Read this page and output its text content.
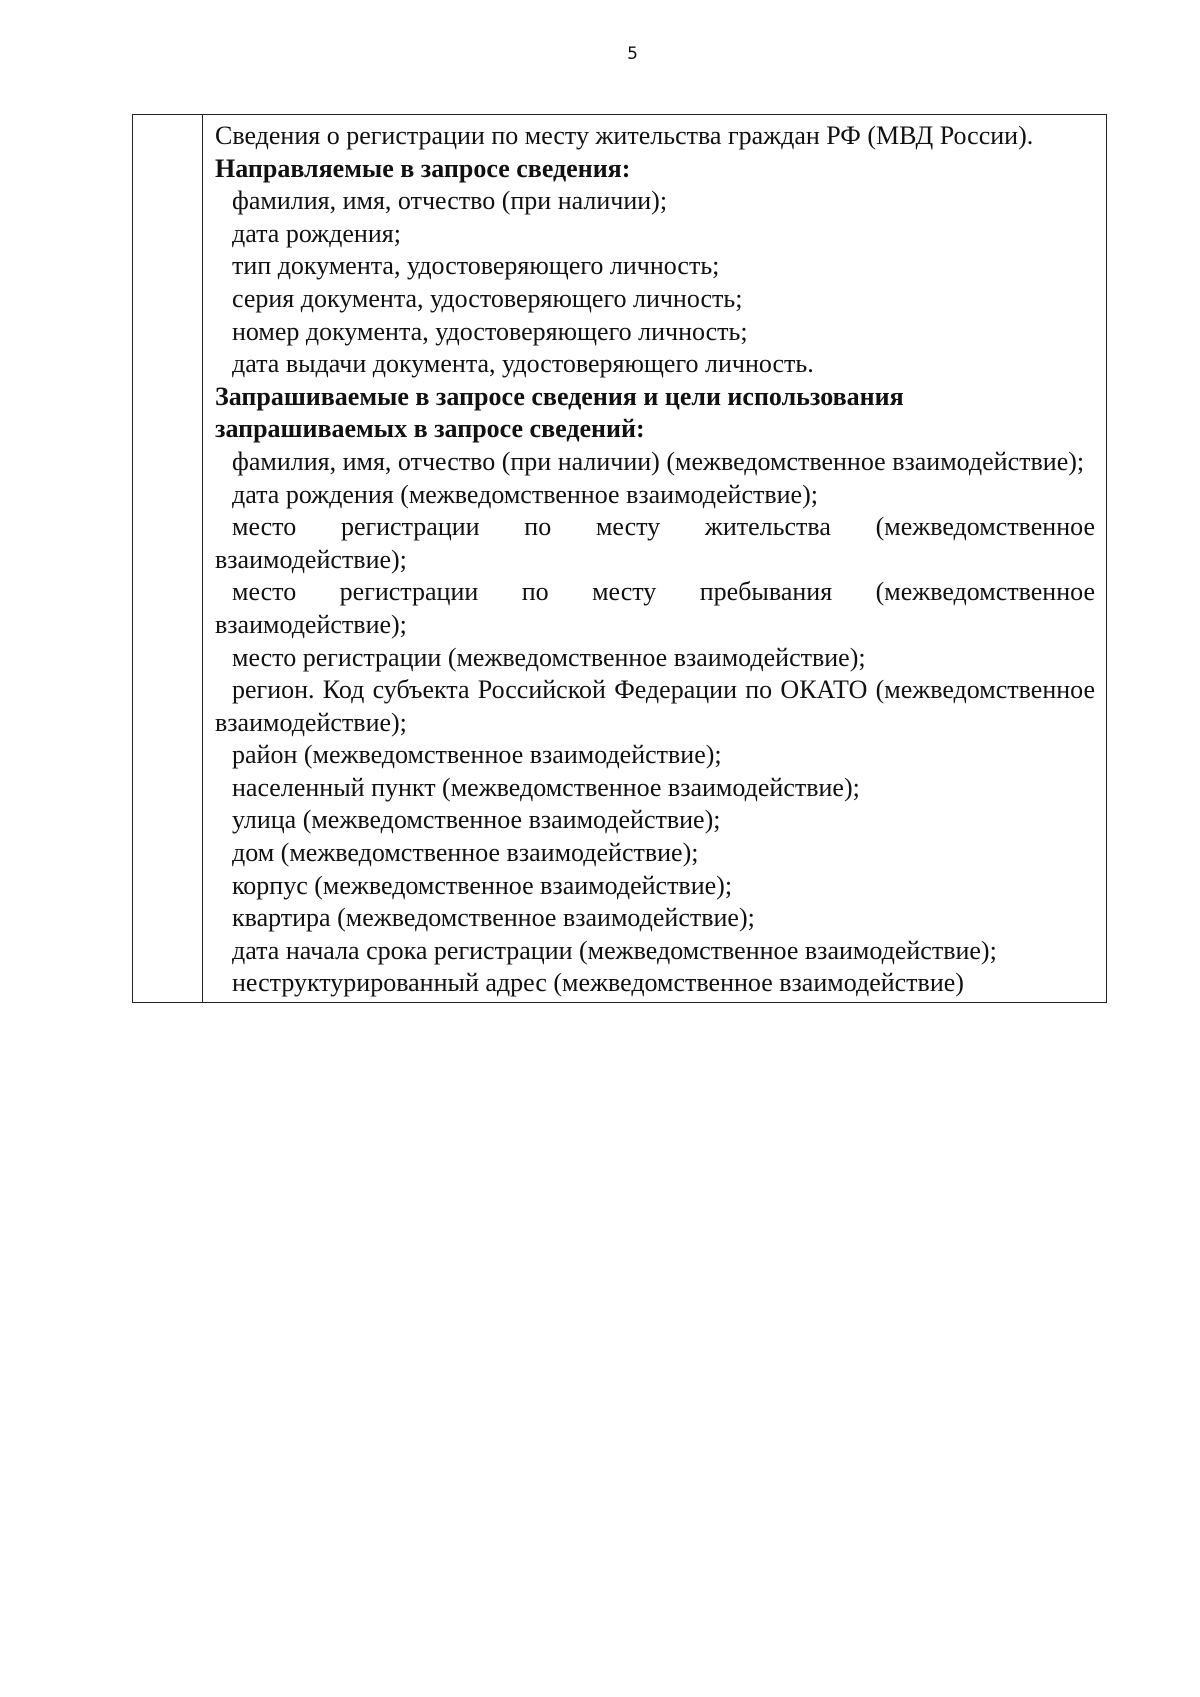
5

Сведения о регистрации по месту жительства граждан РФ (МВД России).

Направляемые в запросе сведения:

фамилия, имя, отчество (при наличии);

дата рождения;

тип документа, удостоверяющего личность;

серия документа, удостоверяющего личность;

номер документа, удостоверяющего личность;

дата выдачи документа, удостоверяющего личность.

Запрашиваемые в запросе сведения и цели использования запрашиваемых в запросе сведений:

фамилия, имя, отчество (при наличии) (межведомственное взаимодействие);

дата рождения (межведомственное взаимодействие);

место регистрации по месту жительства (межведомственное взаимодействие);

место регистрации по месту пребывания (межведомственное взаимодействие);

место регистрации (межведомственное взаимодействие);

регион. Код субъекта Российской Федерации по ОКАТО (межведомственное взаимодействие);

район (межведомственное взаимодействие);

населенный пункт (межведомственное взаимодействие);

улица (межведомственное взаимодействие);

дом (межведомственное взаимодействие);

корпус (межведомственное взаимодействие);

квартира (межведомственное взаимодействие);

дата начала срока регистрации (межведомственное взаимодействие);

неструктурированный адрес (межведомственное взаимодействие)
